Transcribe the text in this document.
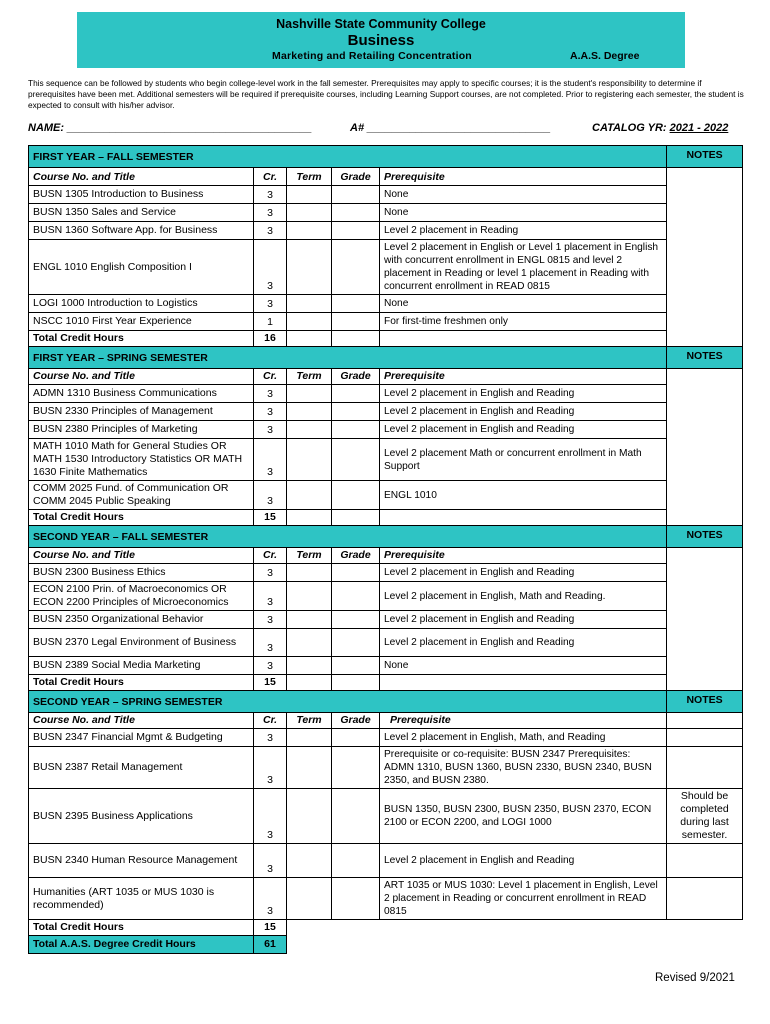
Nashville State Community College
Business
Marketing and Retailing Concentration	A.A.S. Degree
This sequence can be followed by students who begin college-level work in the fall semester. Prerequisites may apply to specific courses; it is the student's responsibility to determine if prerequisites have been met. Additional semesters will be required if prerequisite courses, including Learning Support courses, are not completed. Prior to registering each semester, the student is expected to consult with his/her advisor.
NAME: ________________________________________	A# ______________________________	CATALOG YR: 2021 - 2022
FIRST YEAR – FALL SEMESTER					NOTES
Course No. and Title	Cr.	Term	Grade	Prerequisite	
BUSN 1305 Introduction to Business	3			None	
BUSN 1350 Sales and Service	3			None	
BUSN 1360 Software App. for Business	3			Level 2 placement in Reading	
ENGL 1010 English Composition I	3			Level 2 placement in English or Level 1 placement in English with concurrent enrollment in ENGL 0815 and level 2 placement in Reading or level 1 placement in Reading with concurrent enrollment in READ 0815	
LOGI 1000 Introduction to Logistics	3			None	
NSCC 1010 First Year Experience	1			For first-time freshmen only	
Total Credit Hours	16				
FIRST YEAR – SPRING SEMESTER					NOTES
Course No. and Title	Cr.	Term	Grade	Prerequisite	
ADMN 1310 Business Communications	3			Level 2 placement in English and Reading	
BUSN 2330 Principles of Management	3			Level 2 placement in English and Reading	
BUSN 2380 Principles of Marketing	3			Level 2 placement in English and Reading	
MATH 1010 Math for General Studies OR MATH 1530 Introductory Statistics OR MATH 1630 Finite Mathematics	3			Level 2 placement Math or concurrent enrollment in Math Support	
COMM 2025 Fund. of Communication OR COMM 2045 Public Speaking	3			ENGL 1010	
Total Credit Hours	15				
SECOND YEAR – FALL SEMESTER					NOTES
Course No. and Title	Cr.	Term	Grade	Prerequisite	
BUSN 2300 Business Ethics	3			Level 2 placement in English and Reading	
ECON 2100 Prin. of Macroeconomics OR ECON 2200 Principles of Microeconomics	3			Level 2 placement in English, Math and Reading.	
BUSN 2350 Organizational Behavior	3			Level 2 placement in English and Reading	
BUSN 2370 Legal Environment of Business	3			Level 2 placement in English and Reading	
BUSN 2389 Social Media Marketing	3			None	
Total Credit Hours	15				
SECOND YEAR – SPRING SEMESTER					NOTES
Course No. and Title	Cr.	Term	Grade	Prerequisite	
BUSN 2347 Financial Mgmt & Budgeting	3			Level 2 placement in English, Math, and Reading	
BUSN 2387 Retail Management	3			Prerequisite or co-requisite: BUSN 2347 Prerequisites: ADMN 1310, BUSN 1360, BUSN 2330, BUSN 2340, BUSN 2350, and BUSN 2380.	
BUSN 2395 Business Applications	3			BUSN 1350, BUSN 2300, BUSN 2350, BUSN 2370, ECON 2100 or ECON 2200, and LOGI 1000	Should be completed during last semester.
BUSN 2340 Human Resource Management	3			Level 2 placement in English and Reading	
Humanities (ART 1035 or MUS 1030 is recommended)	3			ART 1035 or MUS 1030: Level 1 placement in English, Level 2 placement in Reading or concurrent enrollment in READ 0815	
Total Credit Hours	15				
Total A.A.S. Degree Credit Hours	61				
Revised 9/2021
